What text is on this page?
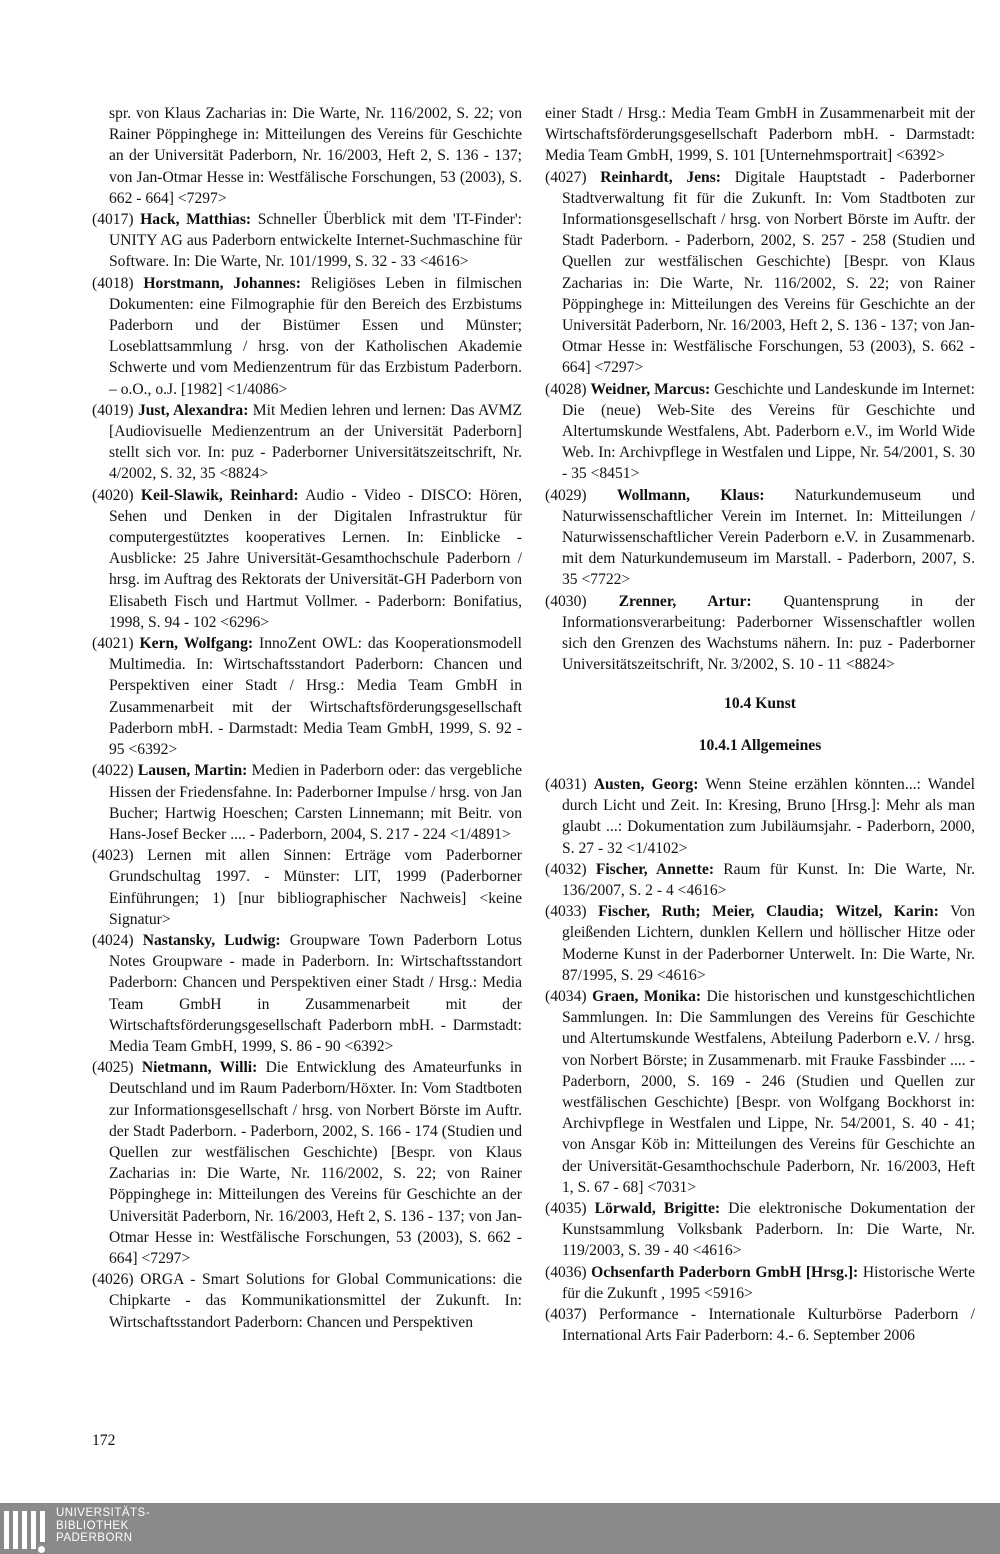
spr. von Klaus Zacharias in: Die Warte, Nr. 116/2002, S. 22; von Rainer Pöppinghege in: Mitteilungen des Vereins für Geschichte an der Universität Paderborn, Nr. 16/2003, Heft 2, S. 136 - 137; von Jan-Otmar Hesse in: Westfälische Forschungen, 53 (2003), S. 662 - 664] <7297>

(4017) Hack, Matthias: Schneller Überblick mit dem 'IT-Finder': UNITY AG aus Paderborn entwickelte Internet-Suchmaschine für Software. In: Die Warte, Nr. 101/1999, S. 32 - 33 <4616>

(4018) Horstmann, Johannes: Religiöses Leben in filmischen Dokumenten: eine Filmographie für den Bereich des Erzbistums Paderborn und der Bistümer Essen und Münster; Loseblattsammlung / hrsg. von der Katholischen Akademie Schwerte und vom Medienzentrum für das Erzbistum Paderborn. – o.O., o.J. [1982] <1/4086>

(4019) Just, Alexandra: Mit Medien lehren und lernen: Das AVMZ [Audiovisuelle Medienzentrum an der Universität Paderborn] stellt sich vor. In: puz - Paderborner Universitätszeitschrift, Nr. 4/2002, S. 32, 35 <8824>

(4020) Keil-Slawik, Reinhard: Audio - Video - DISCO: Hören, Sehen und Denken in der Digitalen Infrastruktur für computergestütztes kooperatives Lernen. In: Einblicke - Ausblicke: 25 Jahre Universität-Gesamthochschule Paderborn / hrsg. im Auftrag des Rektorats der Universität-GH Paderborn von Elisabeth Fisch und Hartmut Vollmer. - Paderborn: Bonifatius, 1998, S. 94 - 102 <6296>

(4021) Kern, Wolfgang: InnoZent OWL: das Kooperationsmodell Multimedia. In: Wirtschaftsstandort Paderborn: Chancen und Perspektiven einer Stadt / Hrsg.: Media Team GmbH in Zusammenarbeit mit der Wirtschaftsförderungsgesellschaft Paderborn mbH. - Darmstadt: Media Team GmbH, 1999, S. 92 - 95 <6392>

(4022) Lausen, Martin: Medien in Paderborn oder: das vergebliche Hissen der Friedensfahne. In: Paderborner Impulse / hrsg. von Jan Bucher; Hartwig Hoeschen; Carsten Linnemann; mit Beitr. von Hans-Josef Becker .... - Paderborn, 2004, S. 217 - 224 <1/4891>

(4023) Lernen mit allen Sinnen: Erträge vom Paderborner Grundschultag 1997. - Münster: LIT, 1999 (Paderborner Einführungen; 1) [nur bibliographischer Nachweis] <keine Signatur>

(4024) Nastansky, Ludwig: Groupware Town Paderborn Lotus Notes Groupware - made in Paderborn. In: Wirtschaftsstandort Paderborn: Chancen und Perspektiven einer Stadt / Hrsg.: Media Team GmbH in Zusammenarbeit mit der Wirtschaftsförderungsgesellschaft Paderborn mbH. - Darmstadt: Media Team GmbH, 1999, S. 86 - 90 <6392>

(4025) Nietmann, Willi: Die Entwicklung des Amateurfunks in Deutschland und im Raum Paderborn/Höxter. In: Vom Stadtboten zur Informationsgesellschaft / hrsg. von Norbert Börste im Auftr. der Stadt Paderborn. - Paderborn, 2002, S. 166 - 174 (Studien und Quellen zur westfälischen Geschichte) [Bespr. von Klaus Zacharias in: Die Warte, Nr. 116/2002, S. 22; von Rainer Pöppinghege in: Mitteilungen des Vereins für Geschichte an der Universität Paderborn, Nr. 16/2003, Heft 2, S. 136 - 137; von Jan-Otmar Hesse in: Westfälische Forschungen, 53 (2003), S. 662 - 664] <7297>

(4026) ORGA - Smart Solutions for Global Communications: die Chipkarte - das Kommunikationsmittel der Zukunft. In: Wirtschaftsstandort Paderborn: Chancen und Perspektiven

einer Stadt / Hrsg.: Media Team GmbH in Zusammenarbeit mit der Wirtschaftsförderungsgesellschaft Paderborn mbH. - Darmstadt: Media Team GmbH, 1999, S. 101 [Unternehmsportrait] <6392>

(4027) Reinhardt, Jens: Digitale Hauptstadt - Paderborner Stadtverwaltung fit für die Zukunft. In: Vom Stadtboten zur Informationsgesellschaft / hrsg. von Norbert Börste im Auftr. der Stadt Paderborn. - Paderborn, 2002, S. 257 - 258 (Studien und Quellen zur westfälischen Geschichte) [Bespr. von Klaus Zacharias in: Die Warte, Nr. 116/2002, S. 22; von Rainer Pöppinghege in: Mitteilungen des Vereins für Geschichte an der Universität Paderborn, Nr. 16/2003, Heft 2, S. 136 - 137; von Jan-Otmar Hesse in: Westfälische Forschungen, 53 (2003), S. 662 - 664] <7297>

(4028) Weidner, Marcus: Geschichte und Landeskunde im Internet: Die (neue) Web-Site des Vereins für Geschichte und Altertumskunde Westfalens, Abt. Paderborn e.V., im World Wide Web. In: Archivpflege in Westfalen und Lippe, Nr. 54/2001, S. 30 - 35 <8451>

(4029) Wollmann, Klaus: Naturkundemuseum und Naturwissenschaftlicher Verein im Internet. In: Mitteilungen / Naturwissenschaftlicher Verein Paderborn e.V. in Zusammenarb. mit dem Naturkundemuseum im Marstall. - Paderborn, 2007, S. 35 <7722>

(4030) Zrenner, Artur: Quantensprung in der Informationsverarbeitung: Paderborner Wissenschaftler wollen sich den Grenzen des Wachstums nähern. In: puz - Paderborner Universitätszeitschrift, Nr. 3/2002, S. 10 - 11 <8824>

10.4 Kunst

10.4.1 Allgemeines

(4031) Austen, Georg: Wenn Steine erzählen könnten...: Wandel durch Licht und Zeit. In: Kresing, Bruno [Hrsg.]: Mehr als man glaubt ...: Dokumentation zum Jubiläumsjahr. - Paderborn, 2000, S. 27 - 32 <1/4102>

(4032) Fischer, Annette: Raum für Kunst. In: Die Warte, Nr. 136/2007, S. 2 - 4 <4616>

(4033) Fischer, Ruth; Meier, Claudia; Witzel, Karin: Von gleißenden Lichtern, dunklen Kellern und höllischer Hitze oder Moderne Kunst in der Paderborner Unterwelt. In: Die Warte, Nr. 87/1995, S. 29 <4616>

(4034) Graen, Monika: Die historischen und kunstgeschichtlichen Sammlungen. In: Die Sammlungen des Vereins für Geschichte und Altertumskunde Westfalens, Abteilung Paderborn e.V. / hrsg. von Norbert Börste; in Zusammenarb. mit Frauke Fassbinder .... - Paderborn, 2000, S. 169 - 246 (Studien und Quellen zur westfälischen Geschichte) [Bespr. von Wolfgang Bockhorst in: Archivpflege in Westfalen und Lippe, Nr. 54/2001, S. 40 - 41; von Ansgar Köb in: Mitteilungen des Vereins für Geschichte an der Universität-Gesamthochschule Paderborn, Nr. 16/2003, Heft 1, S. 67 - 68] <7031>

(4035) Lörwald, Brigitte: Die elektronische Dokumentation der Kunstsammlung Volksbank Paderborn. In: Die Warte, Nr. 119/2003, S. 39 - 40 <4616>

(4036) Ochsenfarth Paderborn GmbH [Hrsg.]: Historische Werte für die Zukunft , 1995 <5916>

(4037) Performance - Internationale Kulturbörse Paderborn / International Arts Fair Paderborn: 4.- 6. September 2006

172
UNIVERSITÄTS-
BIBLIOTHEK
PADERBORN
